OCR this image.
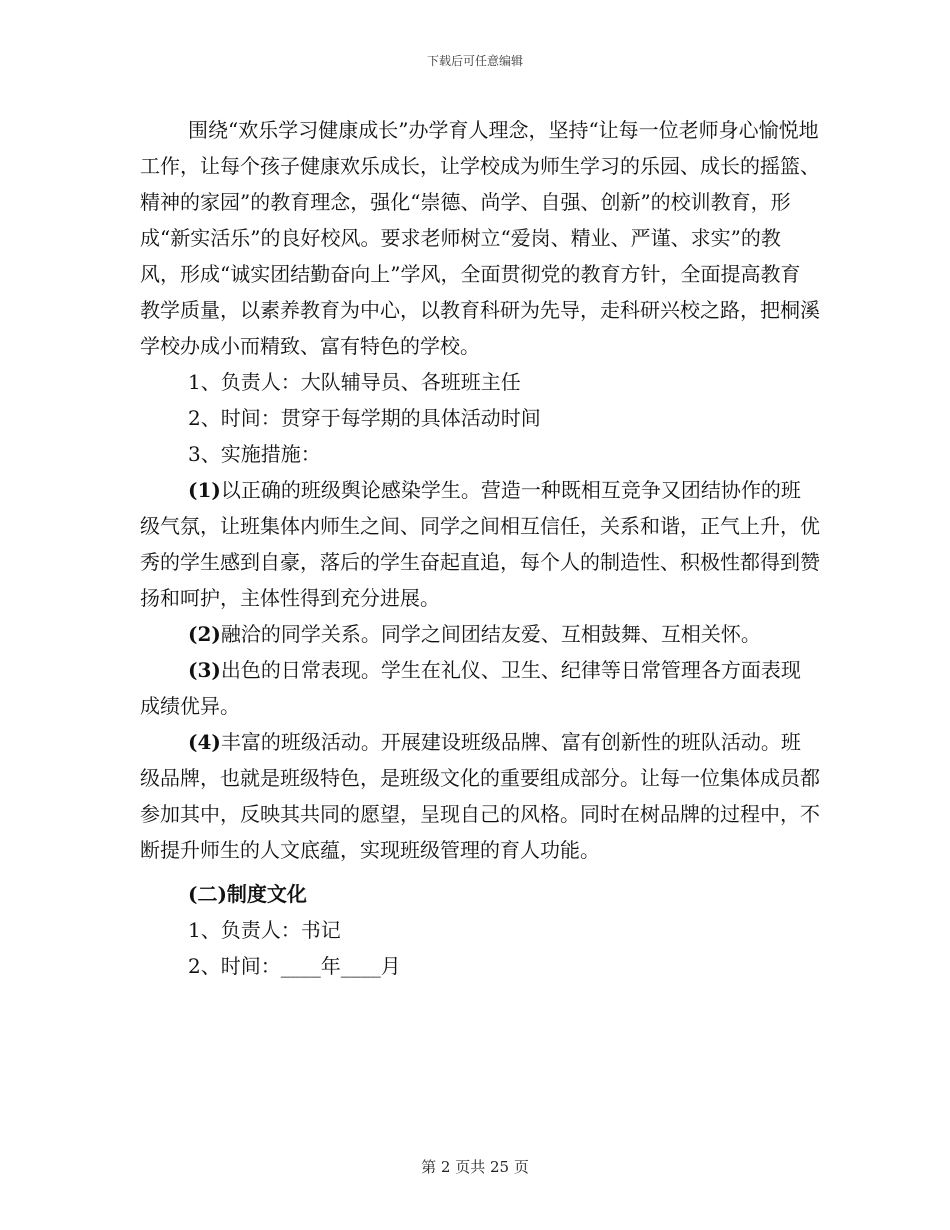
下载后可任意编辑

围绕“欢乐学习健康成长”办学育人理念，坚持“让每一位老师身心愉悦地工作，让每个孩子健康欢乐成长，让学校成为师生学习的乐园、成长的摇篮、精神的家园”的教育理念，强化“崇德、尚学、自强、创新”的校训教育，形成“新实活乐”的良好校风。要求老师树立“爱岗、精业、严谨、求实”的教风，形成“诚实团结勤奋向上”学风，全面贯彻党的教育方针，全面提高教育教学质量，以素养教育为中心，以教育科研为先导，走科研兴校之路，把桐溪学校办成小而精致、富有特色的学校。

1、负责人：大队辅导员、各班班主任

2、时间：贯穿于每学期的具体活动时间

3、实施措施：

(1)以正确的班级舆论感染学生。营造一种既相互竞争又团结协作的班级气氛，让班集体内师生之间、同学之间相互信任，关系和谐，正气上升，优秀的学生感到自豪，落后的学生奋起直追，每个人的制造性、积极性都得到赞扬和呵护，主体性得到充分进展。

(2)融洽的同学关系。同学之间团结友爱、互相鼓舞、互相关怀。

(3)出色的日常表现。学生在礼仪、卫生、纪律等日常管理各方面表现成绩优异。

(4)丰富的班级活动。开展建设班级品牌、富有创新性的班队活动。班级品牌，也就是班级特色，是班级文化的重要组成部分。让每一位集体成员都参加其中，反映其共同的愿望，呈现自己的风格。同时在树品牌的过程中，不断提升师生的人文底蕴，实现班级管理的育人功能。

(二)制度文化

1、负责人：书记

2、时间：____年____月

第 2 页共 25 页
